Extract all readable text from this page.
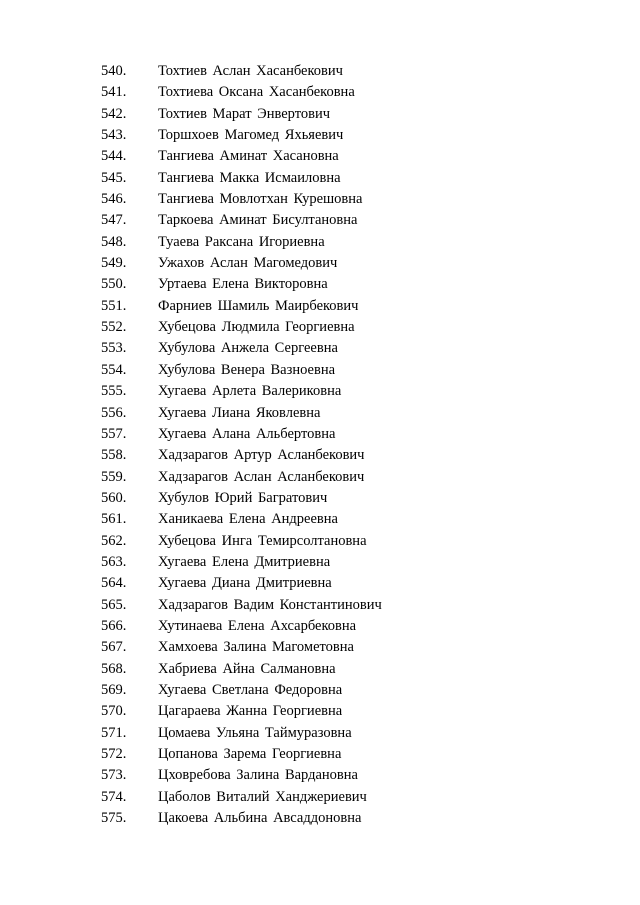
540. Тохтиев Аслан Хасанбекович
541. Тохтиева Оксана Хасанбековна
542. Тохтиев Марат Энвертович
543. Торшхоев Магомед Яхьяевич
544. Тангиева Аминат Хасановна
545. Тангиева Макка Исмаиловна
546. Тангиева Мовлотхан Курешовна
547. Таркоева Аминат Бисултановна
548. Туаева Раксана Игориевна
549. Ужахов Аслан Магомедович
550. Уртаева Елена Викторовна
551. Фарниев Шамиль Маирбекович
552. Хубецова Людмила Георгиевна
553. Хубулова Анжела Сергеевна
554. Хубулова Венера Вазноевна
555. Хугаева Арлета Валериковна
556. Хугаева Лиана Яковлевна
557. Хугаева Алана Альбертовна
558. Хадзарагов Артур Асланбекович
559. Хадзарагов Аслан Асланбекович
560. Хубулов Юрий Багратович
561. Ханикаева Елена Андреевна
562. Хубецова Инга Темирсолтановна
563. Хугаева Елена Дмитриевна
564. Хугаева Диана Дмитриевна
565. Хадзарагов Вадим Константинович
566. Хутинаева Елена Ахсарбековна
567. Хамхоева Залина Магометовна
568. Хабриева Айна Салмановна
569. Хугаева Светлана Федоровна
570. Цагараева Жанна Георгиевна
571. Цомаева Ульяна Таймуразовна
572. Цопанова Зарема Георгиевна
573. Цховребова Залина Вардановна
574. Цаболов Виталий Ханджериевич
575. Цакоева Альбина Авсаддоновна
